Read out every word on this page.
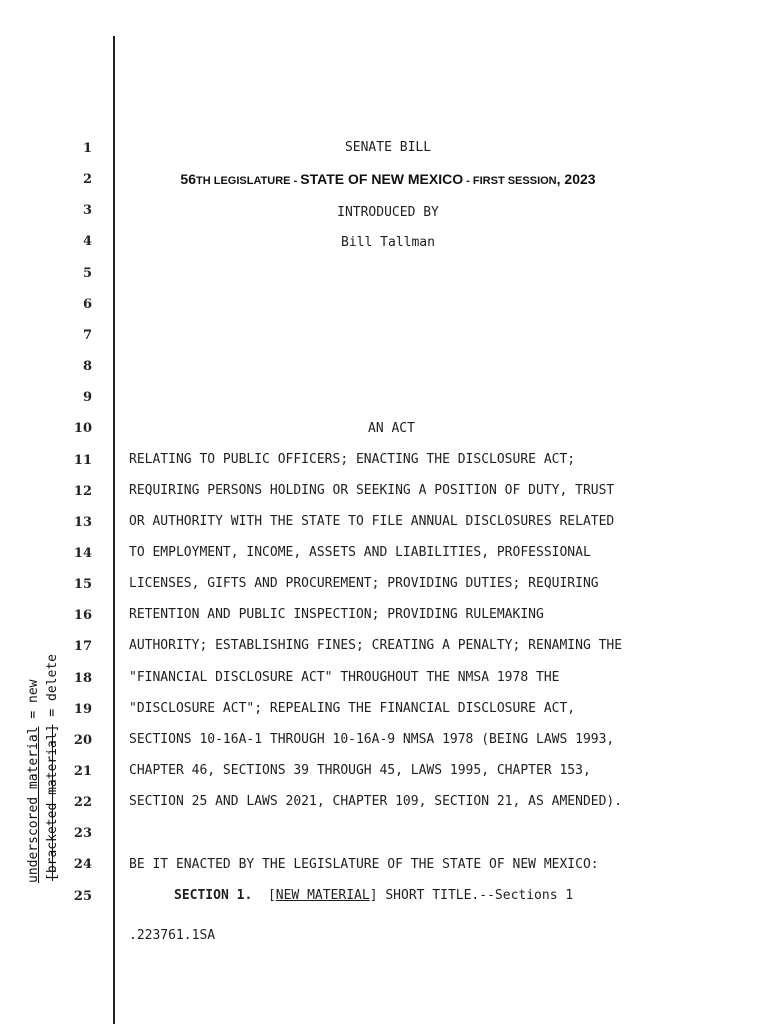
1
2
3
4
5
6
7
8
9
10
11
12
13
14
15
16
17
18
19
20
21
22
23
24
25
SENATE BILL
56TH LEGISLATURE - STATE OF NEW MEXICO - FIRST SESSION, 2023
INTRODUCED BY
Bill Tallman
AN ACT
RELATING TO PUBLIC OFFICERS; ENACTING THE DISCLOSURE ACT;
REQUIRING PERSONS HOLDING OR SEEKING A POSITION OF DUTY, TRUST
OR AUTHORITY WITH THE STATE TO FILE ANNUAL DISCLOSURES RELATED
TO EMPLOYMENT, INCOME, ASSETS AND LIABILITIES, PROFESSIONAL
LICENSES, GIFTS AND PROCUREMENT; PROVIDING DUTIES; REQUIRING
RETENTION AND PUBLIC INSPECTION; PROVIDING RULEMAKING
AUTHORITY; ESTABLISHING FINES; CREATING A PENALTY; RENAMING THE
"FINANCIAL DISCLOSURE ACT" THROUGHOUT THE NMSA 1978 THE
"DISCLOSURE ACT"; REPEALING THE FINANCIAL DISCLOSURE ACT,
SECTIONS 10-16A-1 THROUGH 10-16A-9 NMSA 1978 (BEING LAWS 1993,
CHAPTER 46, SECTIONS 39 THROUGH 45, LAWS 1995, CHAPTER 153,
SECTION 25 AND LAWS 2021, CHAPTER 109, SECTION 21, AS AMENDED).
BE IT ENACTED BY THE LEGISLATURE OF THE STATE OF NEW MEXICO:
SECTION 1. [NEW MATERIAL] SHORT TITLE.--Sections 1
.223761.1SA
underscored material = new
[bracketed material] = delete
